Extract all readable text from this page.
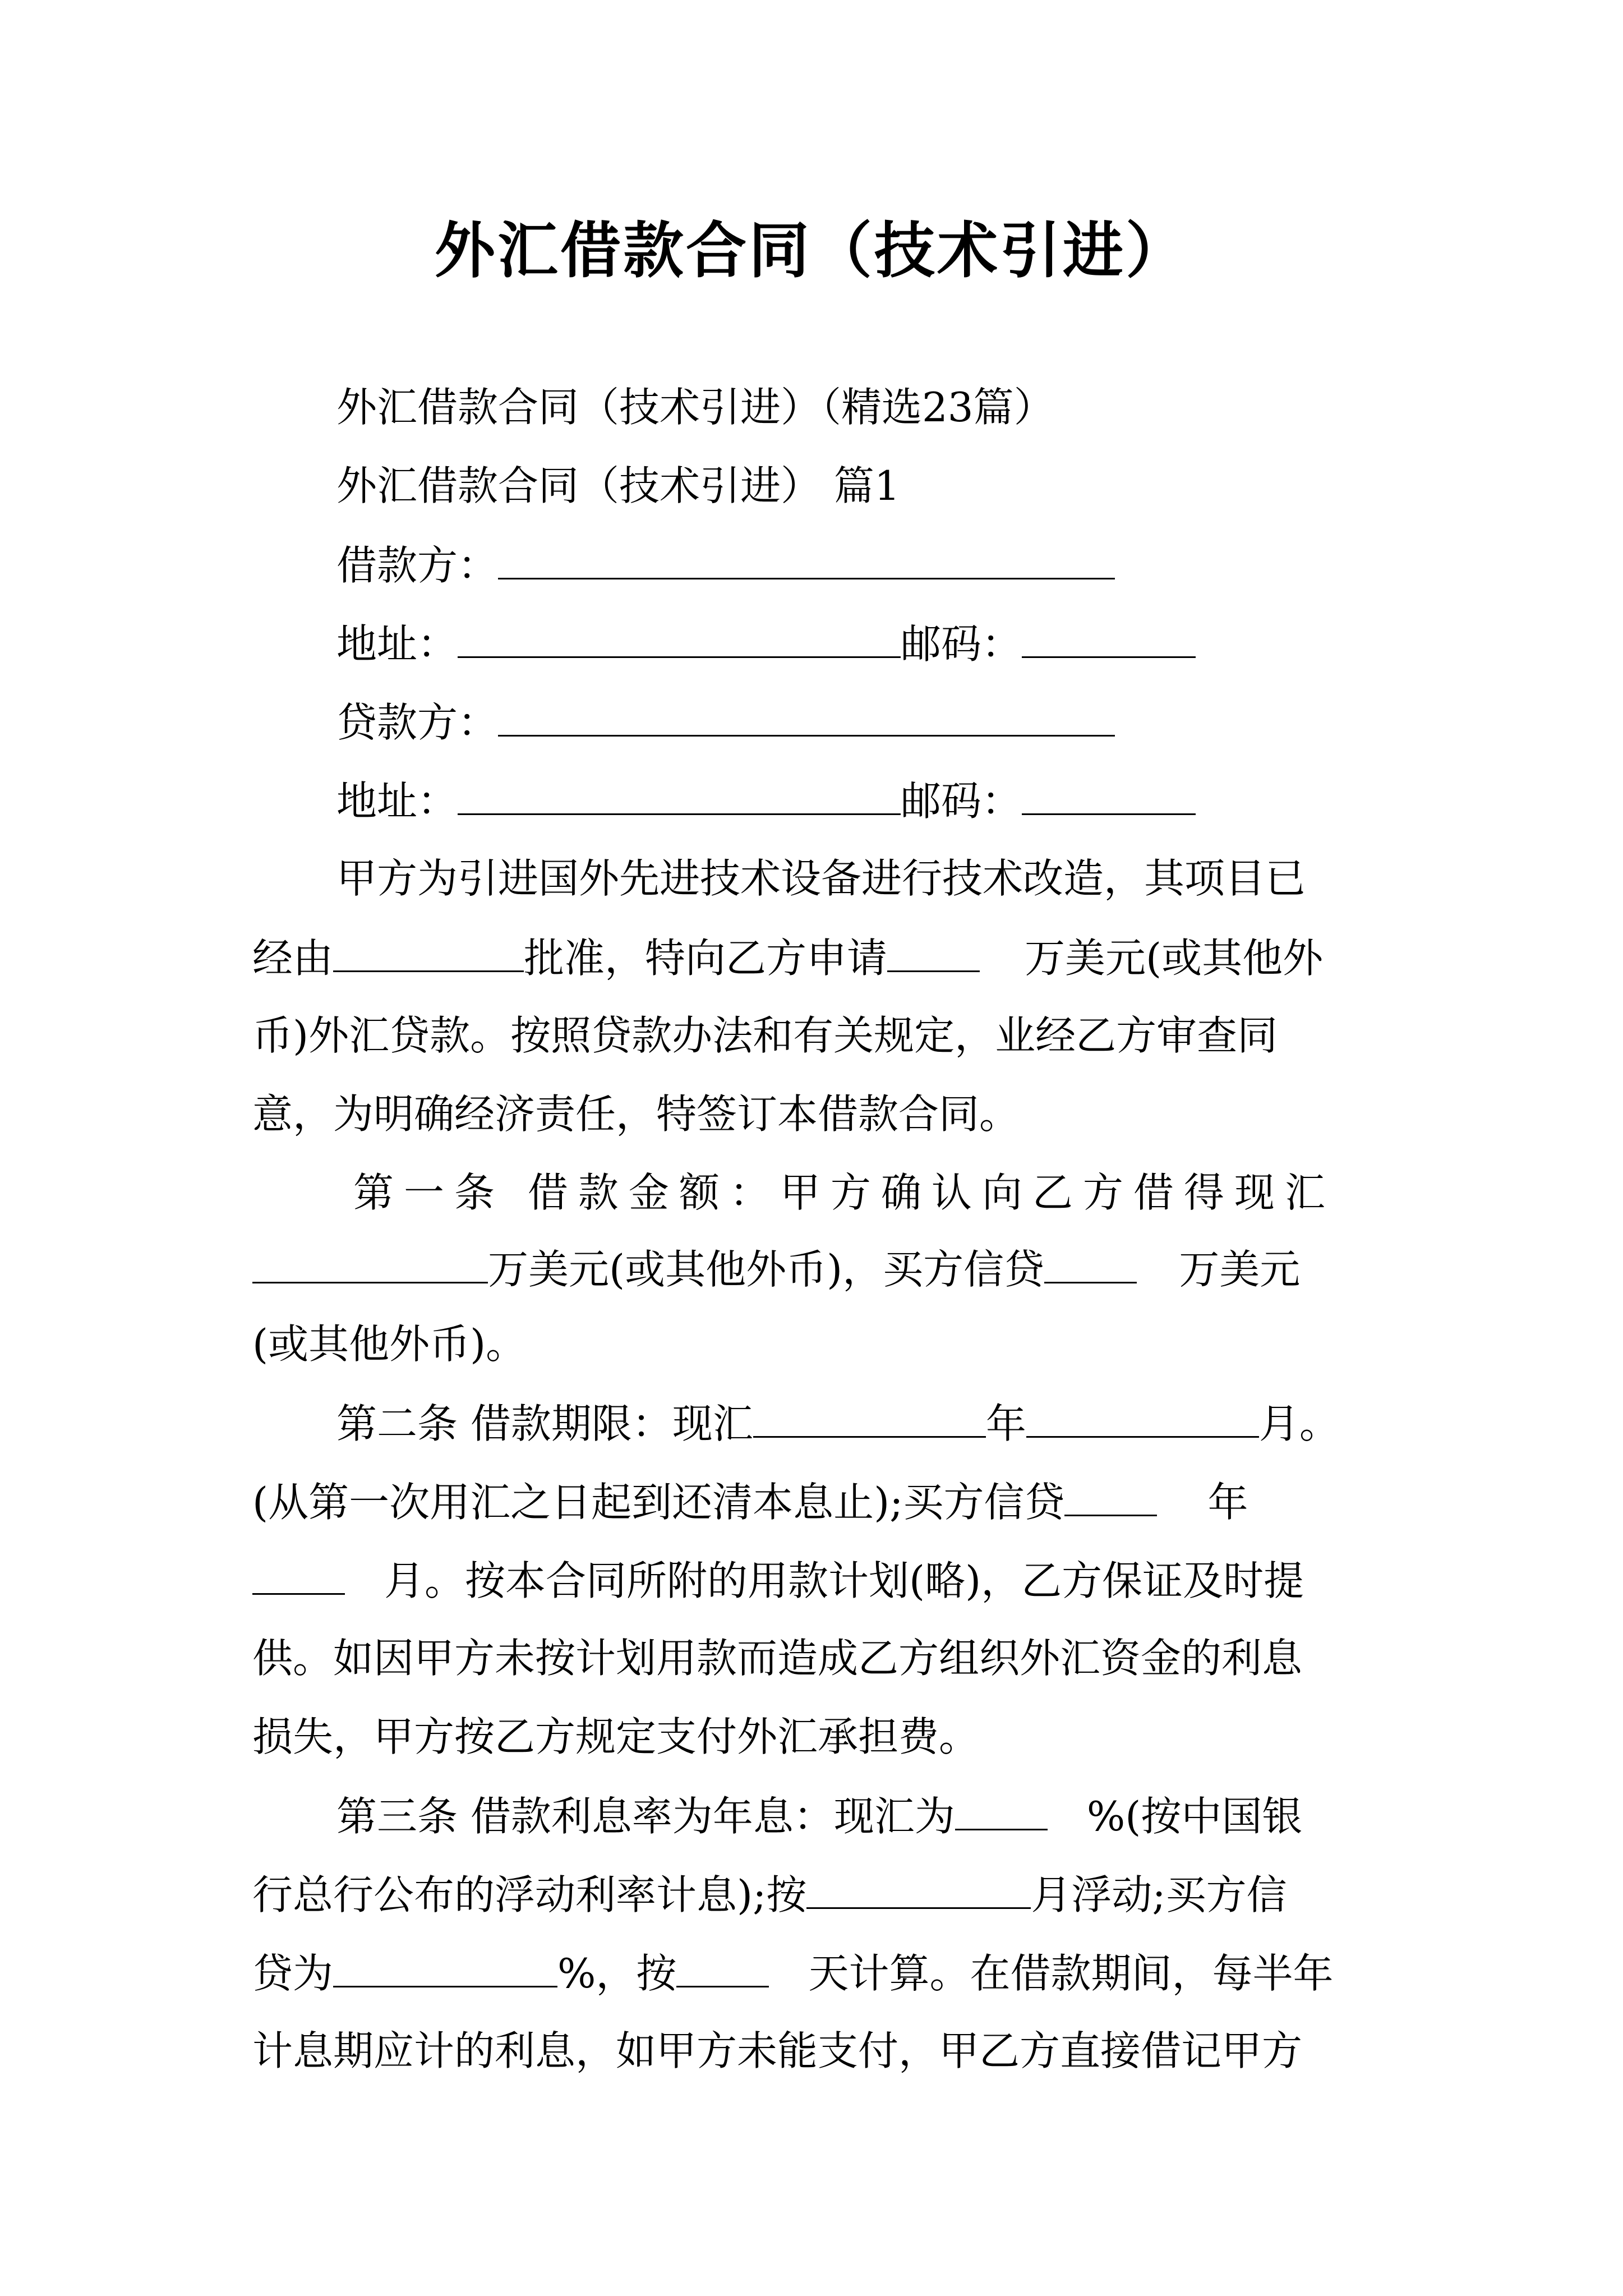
外汇借款合同（技术引进）
外汇借款合同（技术引进）（精选23篇）
外汇借款合同（技术引进） 篇1
借款方：
地址：	邮码：
贷款方：
地址：	邮码：
甲方为引进国外先进技术设备进行技术改造，其项目已
经由	批准，特向乙方申请	万美元(或其他外
币)外汇贷款。按照贷款办法和有关规定，业经乙方审查同
意，为明确经济责任，特签订本借款合同。
第一条 借款金额：甲方确认向乙方借得现汇
万美元(或其他外币)，买方信贷	万美元
(或其他外币)。
第二条 借款期限：现汇	年	月。
(从第一次用汇之日起到还清本息止);买方信贷	年
月。按本合同所附的用款计划(略)，乙方保证及时提
供。如因甲方未按计划用款而造成乙方组织外汇资金的利息
损失，甲方按乙方规定支付外汇承担费。
第三条 借款利息率为年息：现汇为	%(按中国银
行总行公布的浮动利率计息);按	月浮动;买方信
贷为	%，按	天计算。在借款期间，每半年
计息期应计的利息，如甲方未能支付，甲乙方直接借记甲方
